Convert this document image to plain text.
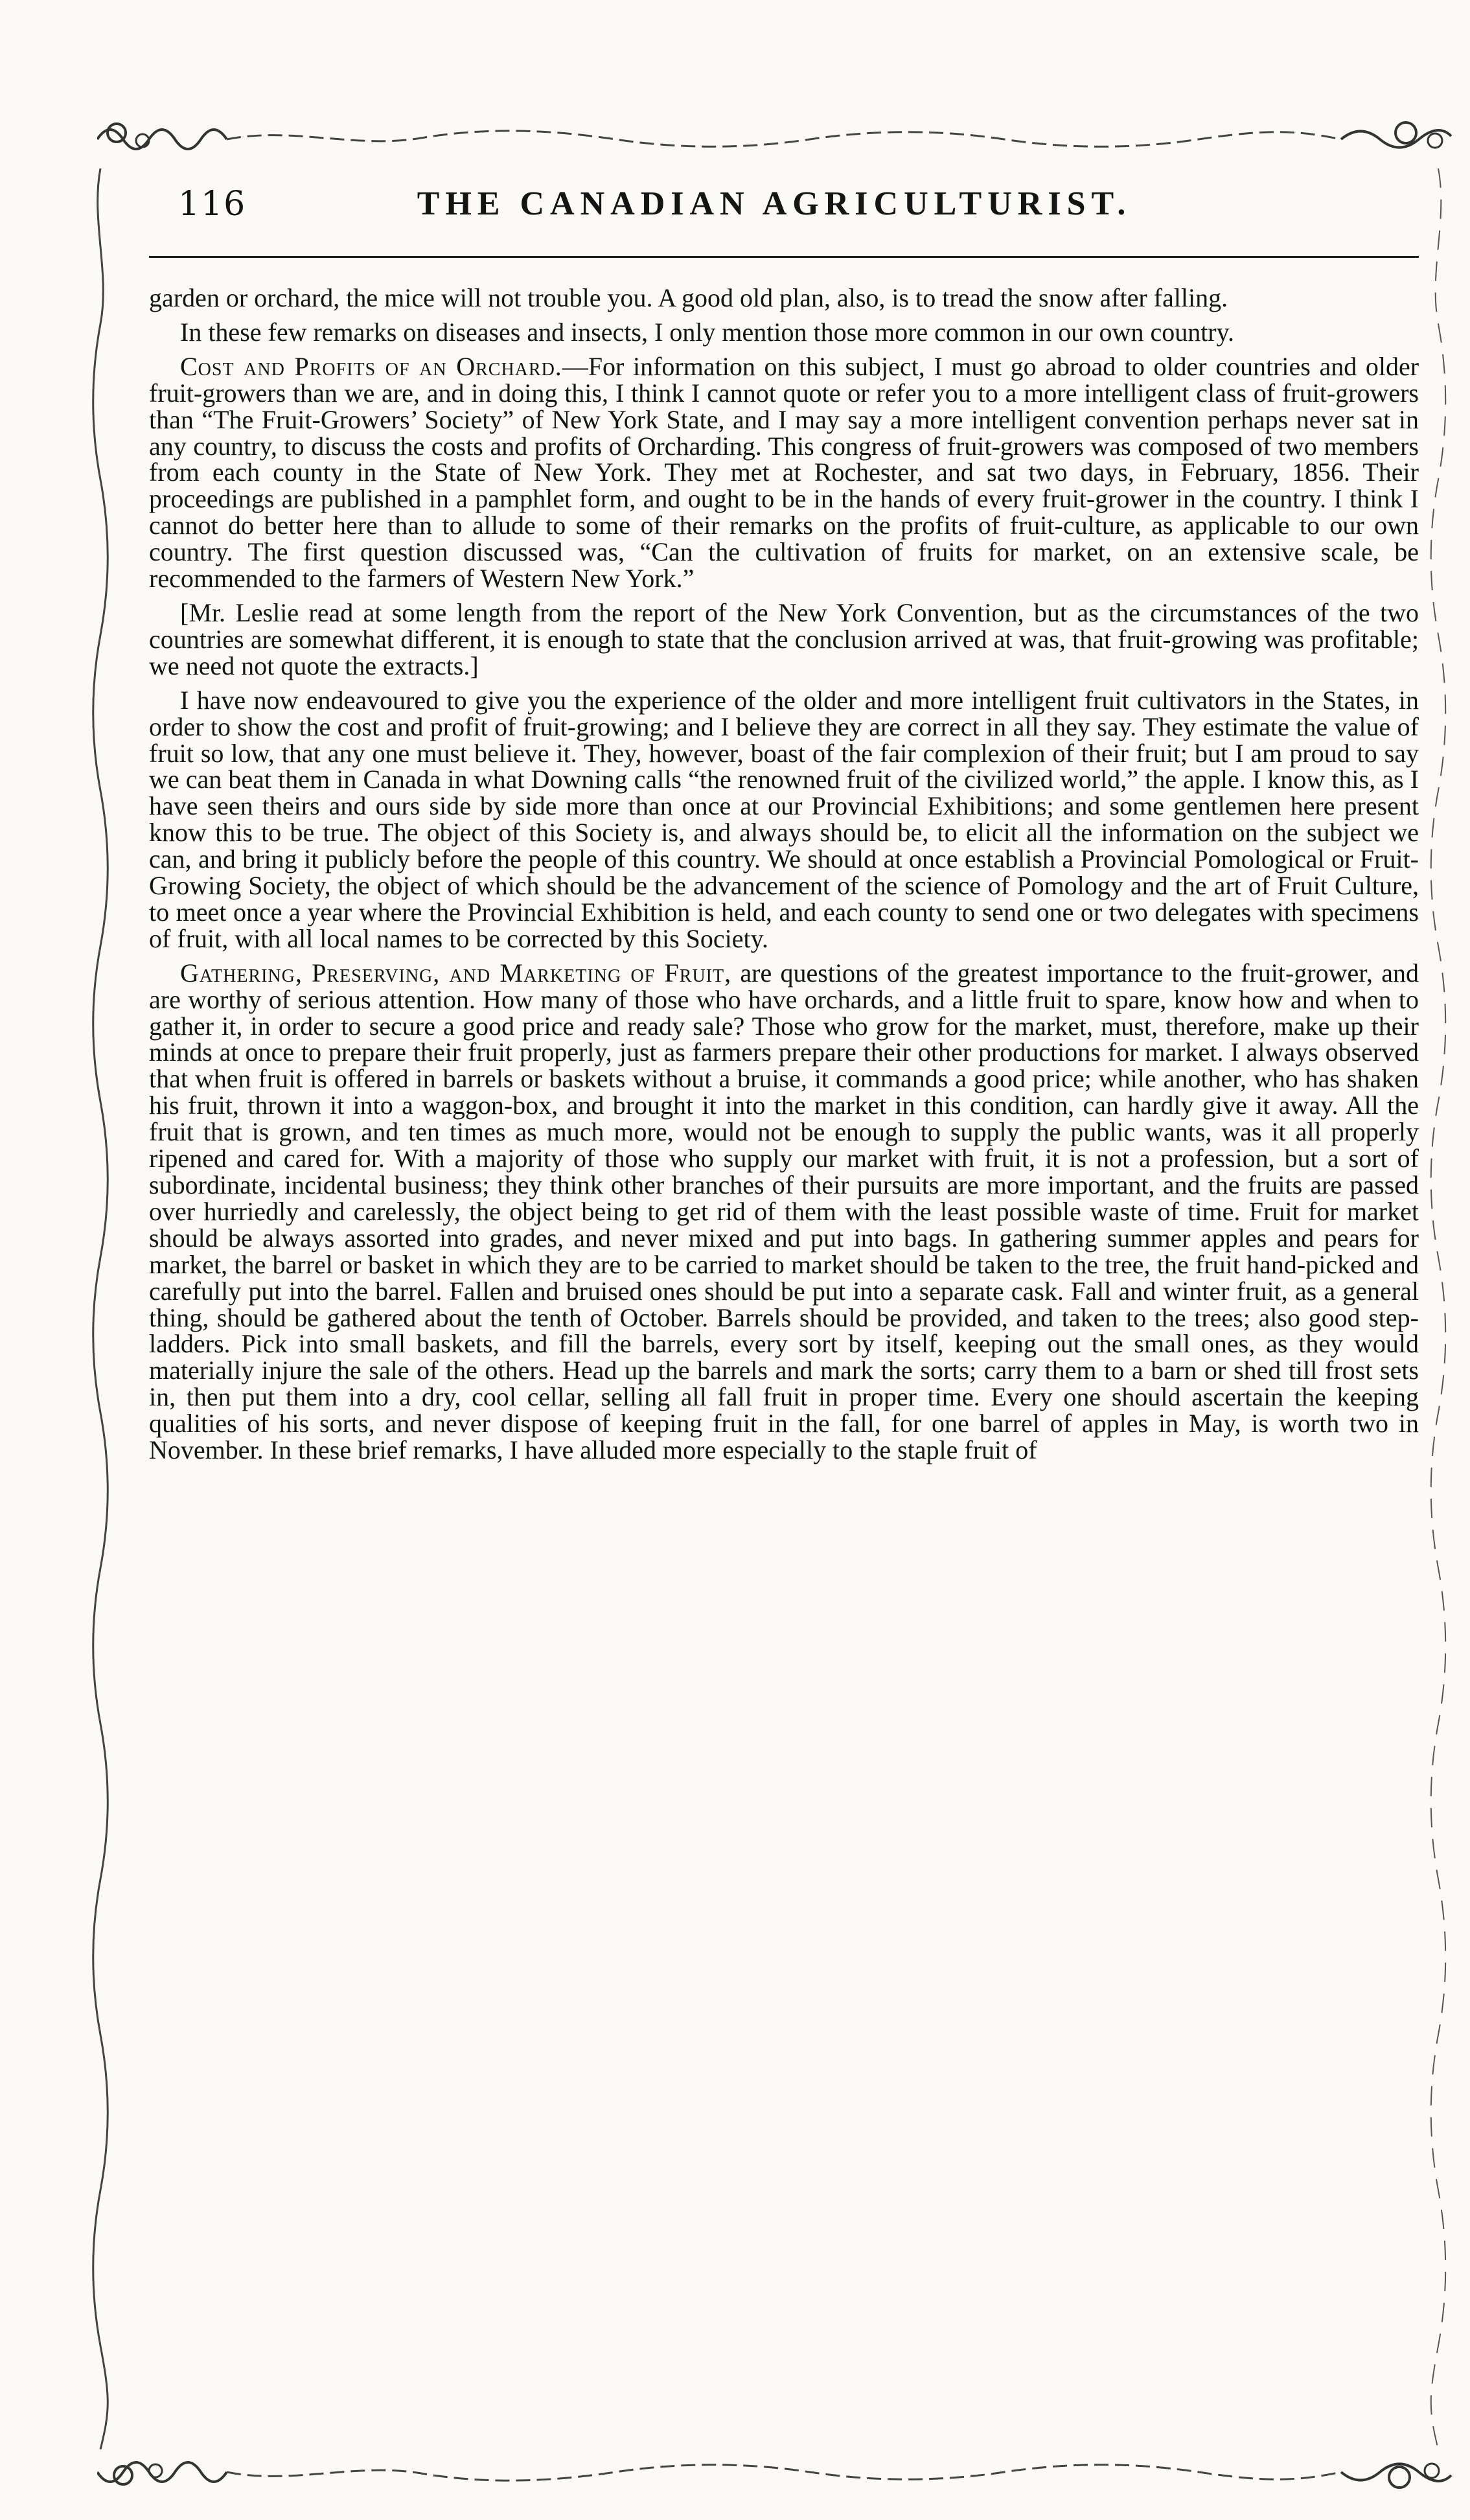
116	THE CANADIAN AGRICULTURIST.

garden or orchard, the mice will not trouble you. A good old plan, also, is to tread the snow after falling.

In these few remarks on diseases and insects, I only mention those more common in our own country.

Cost and Profits of an Orchard.—For information on this subject, I must go abroad to older countries and older fruit-growers than we are, and in doing this, I think I cannot quote or refer you to a more intelligent class of fruit-growers than “The Fruit-Growers’ Society” of New York State, and I may say a more intelligent convention perhaps never sat in any country, to discuss the costs and profits of Orcharding. This congress of fruit-growers was composed of two members from each county in the State of New York. They met at Rochester, and sat two days, in February, 1856. Their proceedings are published in a pamphlet form, and ought to be in the hands of every fruit-grower in the country. I think I cannot do better here than to allude to some of their remarks on the profits of fruit-culture, as applicable to our own country. The first question discussed was, “Can the cultivation of fruits for market, on an extensive scale, be recommended to the farmers of Western New York.”

[Mr. Leslie read at some length from the report of the New York Convention, but as the circumstances of the two countries are somewhat different, it is enough to state that the conclusion arrived at was, that fruit-growing was profitable; we need not quote the extracts.]

I have now endeavoured to give you the experience of the older and more intelligent fruit cultivators in the States, in order to show the cost and profit of fruit-growing; and I believe they are correct in all they say. They estimate the value of fruit so low, that any one must believe it. They, however, boast of the fair complexion of their fruit; but I am proud to say we can beat them in Canada in what Downing calls “the renowned fruit of the civilized world,” the apple. I know this, as I have seen theirs and ours side by side more than once at our Provincial Exhibitions; and some gentlemen here present know this to be true. The object of this Society is, and always should be, to elicit all the information on the subject we can, and bring it publicly before the people of this country. We should at once establish a Provincial Pomological or Fruit-Growing Society, the object of which should be the advancement of the science of Pomology and the art of Fruit Culture, to meet once a year where the Provincial Exhibition is held, and each county to send one or two delegates with specimens of fruit, with all local names to be corrected by this Society.

Gathering, Preserving, and Marketing of Fruit, are questions of the greatest importance to the fruit-grower, and are worthy of serious attention. How many of those who have orchards, and a little fruit to spare, know how and when to gather it, in order to secure a good price and ready sale? Those who grow for the market, must, therefore, make up their minds at once to prepare their fruit properly, just as farmers prepare their other productions for market. I always observed that when fruit is offered in barrels or baskets without a bruise, it commands a good price; while another, who has shaken his fruit, thrown it into a waggon-box, and brought it into the market in this condition, can hardly give it away. All the fruit that is grown, and ten times as much more, would not be enough to supply the public wants, was it all properly ripened and cared for. With a majority of those who supply our market with fruit, it is not a profession, but a sort of subordinate, incidental business; they think other branches of their pursuits are more important, and the fruits are passed over hurriedly and carelessly, the object being to get rid of them with the least possible waste of time. Fruit for market should be always assorted into grades, and never mixed and put into bags. In gathering summer apples and pears for market, the barrel or basket in which they are to be carried to market should be taken to the tree, the fruit hand-picked and carefully put into the barrel. Fallen and bruised ones should be put into a separate cask. Fall and winter fruit, as a general thing, should be gathered about the tenth of October. Barrels should be provided, and taken to the trees; also good step-ladders. Pick into small baskets, and fill the barrels, every sort by itself, keeping out the small ones, as they would materially injure the sale of the others. Head up the barrels and mark the sorts; carry them to a barn or shed till frost sets in, then put them into a dry, cool cellar, selling all fall fruit in proper time. Every one should ascertain the keeping qualities of his sorts, and never dispose of keeping fruit in the fall, for one barrel of apples in May, is worth two in November. In these brief remarks, I have alluded more especially to the staple fruit of
